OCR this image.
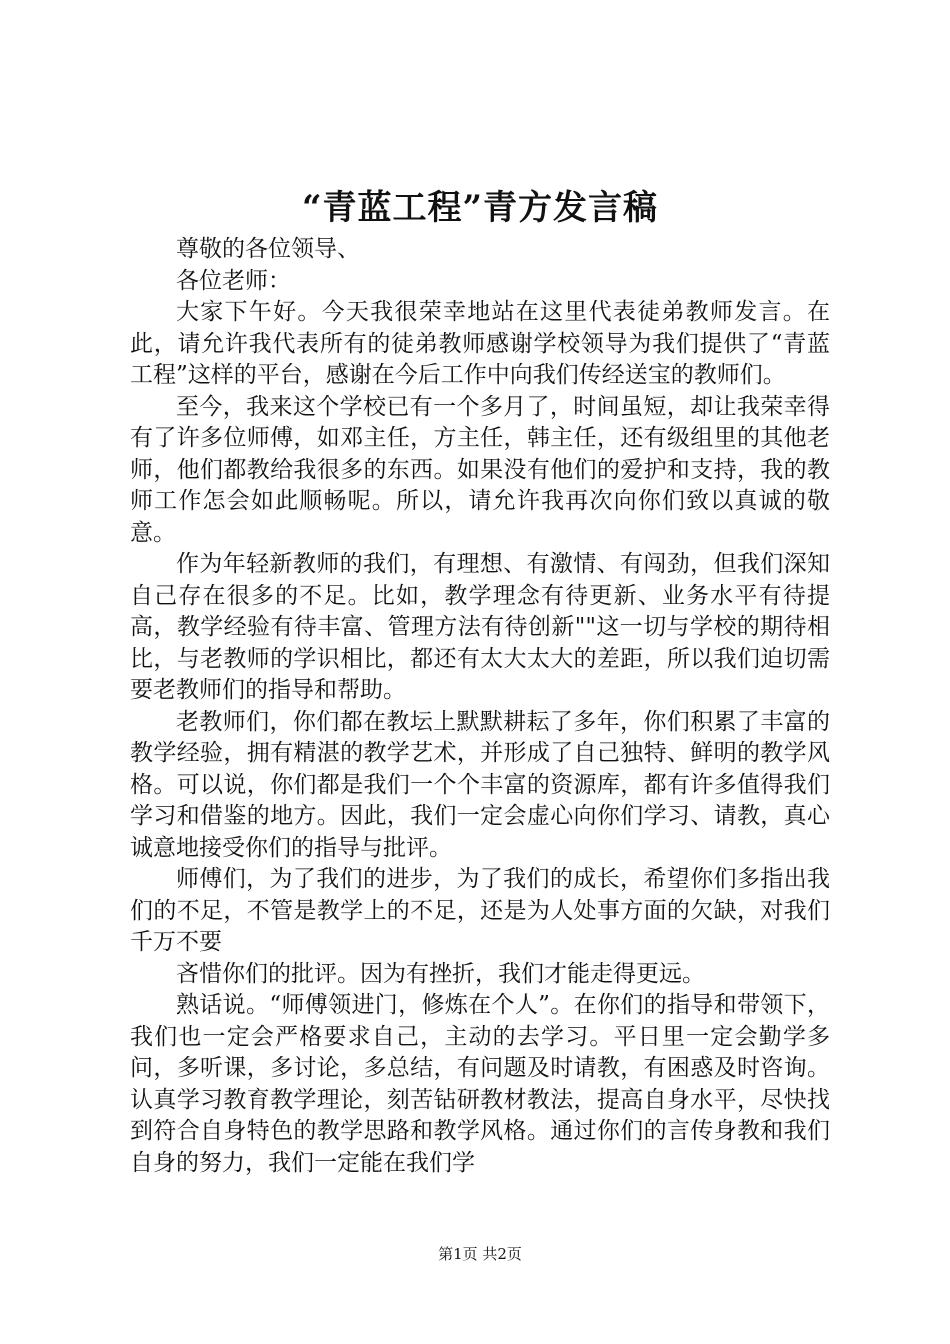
“青蓝工程”青方发言稿

尊敬的各位领导、

各位老师：

大家下午好。今天我很荣幸地站在这里代表徒弟教师发言。在此，请允许我代表所有的徒弟教师感谢学校领导为我们提供了“青蓝工程”这样的平台，感谢在今后工作中向我们传经送宝的教师们。

至今，我来这个学校已有一个多月了，时间虽短，却让我荣幸得有了许多位师傅，如邓主任，方主任，韩主任，还有级组里的其他老师，他们都教给我很多的东西。如果没有他们的爱护和支持，我的教师工作怎会如此顺畅呢。所以，请允许我再次向你们致以真诚的敬意。

作为年轻新教师的我们，有理想、有激情、有闯劲，但我们深知自己存在很多的不足。比如，教学理念有待更新、业务水平有待提高，教学经验有待丰富、管理方法有待创新""这一切与学校的期待相比，与老教师的学识相比，都还有太大太大的差距，所以我们迫切需要老教师们的指导和帮助。

老教师们，你们都在教坛上默默耕耘了多年，你们积累了丰富的教学经验，拥有精湛的教学艺术，并形成了自己独特、鲜明的教学风格。可以说，你们都是我们一个个丰富的资源库，都有许多值得我们学习和借鉴的地方。因此，我们一定会虚心向你们学习、请教，真心诚意地接受你们的指导与批评。

师傅们，为了我们的进步，为了我们的成长，希望你们多指出我们的不足，不管是教学上的不足，还是为人处事方面的欠缺，对我们千万不要

吝惜你们的批评。因为有挫折，我们才能走得更远。

熟话说。“师傅领进门，修炼在个人”。在你们的指导和带领下，我们也一定会严格要求自己，主动的去学习。平日里一定会勤学多问，多听课，多讨论，多总结，有问题及时请教，有困惑及时咨询。认真学习教育教学理论，刻苦钻研教材教法，提高自身水平，尽快找到符合自身特色的教学思路和教学风格。通过你们的言传身教和我们自身的努力，我们一定能在我们学

第1页 共2页
